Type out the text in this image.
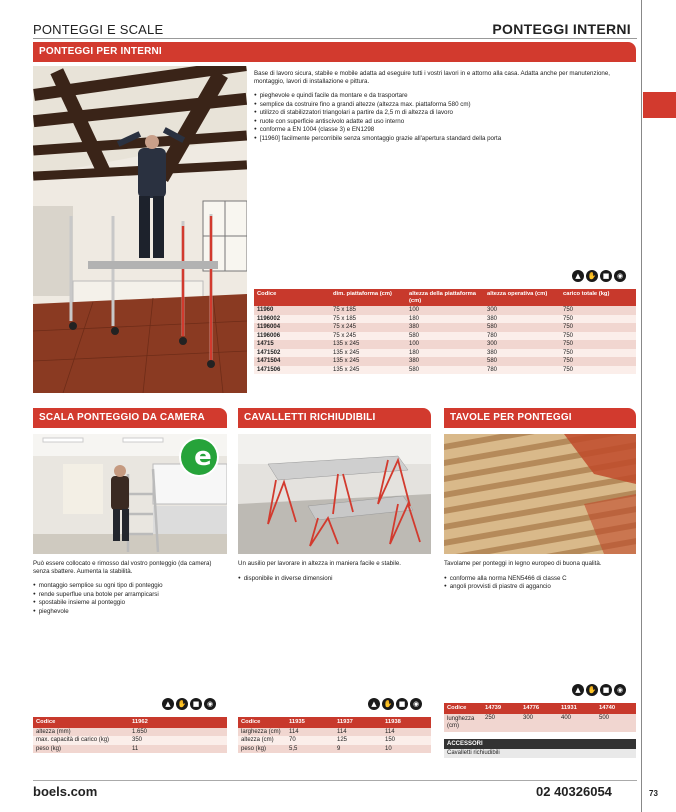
PONTEGGI E SCALE	PONTEGGI INTERNI
PONTEGGI PER INTERNI

Base di lavoro sicura, stabile e mobile adatta ad eseguire tutti i vostri lavori in e attorno alla casa. Adatta anche per manutenzione, montaggio, lavori di installazione e pittura.

● pieghevole e quindi facile da montare e da trasportare
● semplice da costruire fino a grandi altezze (altezza max. piattaforma 580 cm)
● utilizzo di stabilizzatori triangolari a partire da 2,5 m di altezza di lavoro
● ruote con superficie antiscivolo adatte ad uso interno
● conforme a EN 1004 (classe 3) e EN1298
● [11960] facilmente percorribile senza smontaggio grazie all'apertura standard della porta
▲ ✋ ■	◉
Codice	dim. piattaforma (cm)	altezza della piattaforma (cm)	altezza operativa (cm)	carico totale (kg)
11960	75 x 185	100	300	750
1196002	75 x 185	180	380	750
1196004	75 x 245	380	580	750
1196006	75 x 245	580	780	750
14715	135 x 245	100	300	750
1471502	135 x 245	180	380	750
1471504	135 x 245	380	580	750
1471506	135 x 245	580	780	750
SCALA PONTEGGIO DA CAMERA
e

Può essere collocato e rimosso dal vostro ponteggio (da camera) senza sbattere. Aumenta la stabilità.

● montaggio semplice su ogni tipo di ponteggio
● rende superflue una botole per arrampicarsi
● spostabile insieme al ponteggio
● pieghevole
▲ ✋ ■	◉
Codice	11962
altezza (mm)	1.650
max. capacità di carico (kg)	350
peso (kg)	11
CAVALLETTI RICHIUDIBILI

Un ausilio per lavorare in altezza in maniera facile e stabile.

● disponibile in diverse dimensioni
▲ ✋ ■	◉
Codice	11935	11937	11938
larghezza (cm)	114	114	114
altezza (cm)	70	125	150
peso (kg)	5,5	9	10
TAVOLE PER PONTEGGI

Tavolame per ponteggi in legno europeo di buona qualità.

● conforme alla norma NEN5466 di classe C
● angoli provvisti di piastre di aggancio
▲ ✋ ■	◉
Codice	14739	14776	11931	14740
lunghezza (cm)	250	300	400	500
ACCESSORI
Cavalletti richiudibili
boels.com	02 40326054	73
